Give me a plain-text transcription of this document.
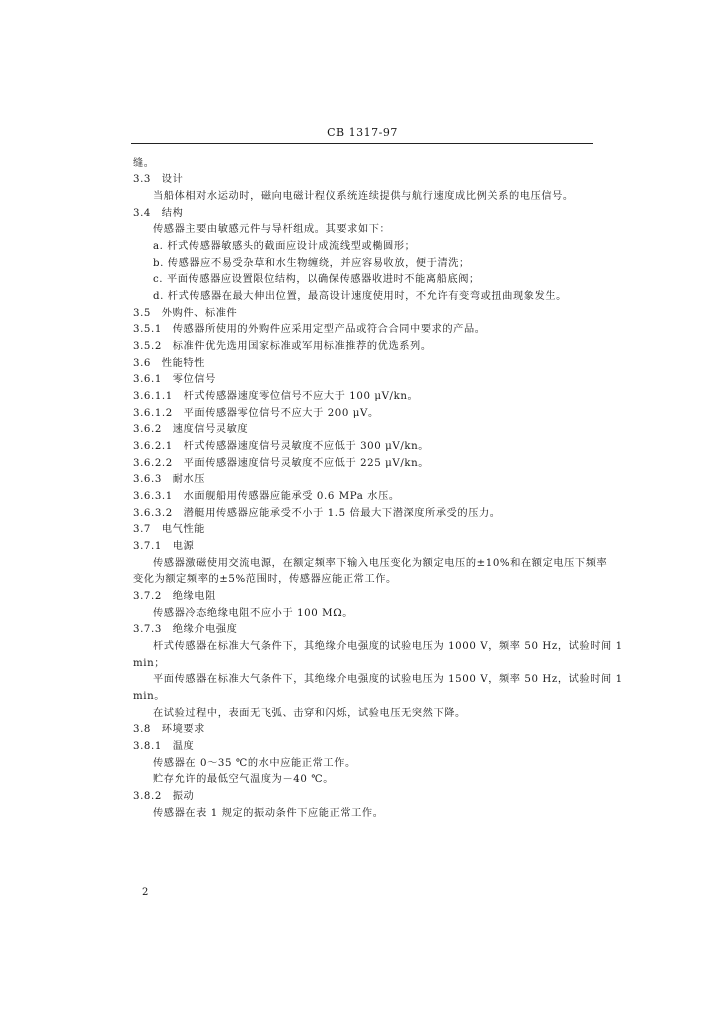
CB 1317-97
缝。
3.3　设计
当船体相对水运动时，磁向电磁计程仪系统连续提供与航行速度成比例关系的电压信号。
3.4　结构
传感器主要由敏感元件与导杆组成。其要求如下：
a. 杆式传感器敏感头的截面应设计成流线型或椭圆形；
b. 传感器应不易受杂草和水生物缠绕，并应容易收放，便于清洗；
c. 平面传感器应设置限位结构，以确保传感器收进时不能离船底阀；
d. 杆式传感器在最大伸出位置，最高设计速度使用时，不允许有变弯或扭曲现象发生。
3.5　外购件、标准件
3.5.1　传感器所使用的外购件应采用定型产品或符合合同中要求的产品。
3.5.2　标准件优先选用国家标准或军用标准推荐的优选系列。
3.6　性能特性
3.6.1　零位信号
3.6.1.1　杆式传感器速度零位信号不应大于 100 μV/kn。
3.6.1.2　平面传感器零位信号不应大于 200 μV。
3.6.2　速度信号灵敏度
3.6.2.1　杆式传感器速度信号灵敏度不应低于 300 μV/kn。
3.6.2.2　平面传感器速度信号灵敏度不应低于 225 μV/kn。
3.6.3　耐水压
3.6.3.1　水面舰船用传感器应能承受 0.6 MPa 水压。
3.6.3.2　潜艇用传感器应能承受不小于 1.5 倍最大下潜深度所承受的压力。
3.7　电气性能
3.7.1　电源
传感器激磁使用交流电源，在额定频率下输入电压变化为额定电压的±10%和在额定电压下频率
变化为额定频率的±5%范围时，传感器应能正常工作。
3.7.2　绝缘电阻
传感器冷态绝缘电阻不应小于 100 MΩ。
3.7.3　绝缘介电强度
杆式传感器在标准大气条件下，其绝缘介电强度的试验电压为 1000 V，频率 50 Hz，试验时间 1
min；
平面传感器在标准大气条件下，其绝缘介电强度的试验电压为 1500 V，频率 50 Hz，试验时间 1
min。
在试验过程中，表面无飞弧、击穿和闪烁，试验电压无突然下降。
3.8　环境要求
3.8.1　温度
传感器在 0～35 ℃的水中应能正常工作。
贮存允许的最低空气温度为－40 ℃。
3.8.2　振动
传感器在表 1 规定的振动条件下应能正常工作。
2
